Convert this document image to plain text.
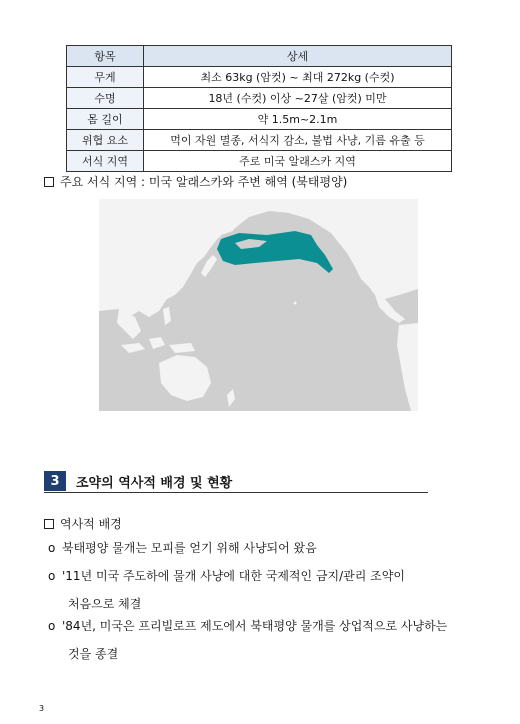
항목	상세
무게	최소 63kg (암컷) ~ 최대 272kg (수컷)
수명	18년 (수컷) 이상 ~27살 (암컷) 미만
몸 길이	약 1.5m~2.1m
위협 요소	먹이 자원 멸종, 서식지 감소, 불법 사냥, 기름 유출 등
서식 지역	주로 미국 알래스카 지역
주요 서식 지역 : 미국 알래스카와 주변 해역 (북태평양)
3	조약의 역사적 배경 및 현황
역사적 배경
o 북태평양 물개는 모피를 얻기 위해 사냥되어 왔음
o '11년 미국 주도하에 물개 사냥에 대한 국제적인 금지/관리 조약이
처음으로 체결
o '84년, 미국은 프리빌로프 제도에서 북태평양 물개를 상업적으로 사냥하는
것을 종결
3
